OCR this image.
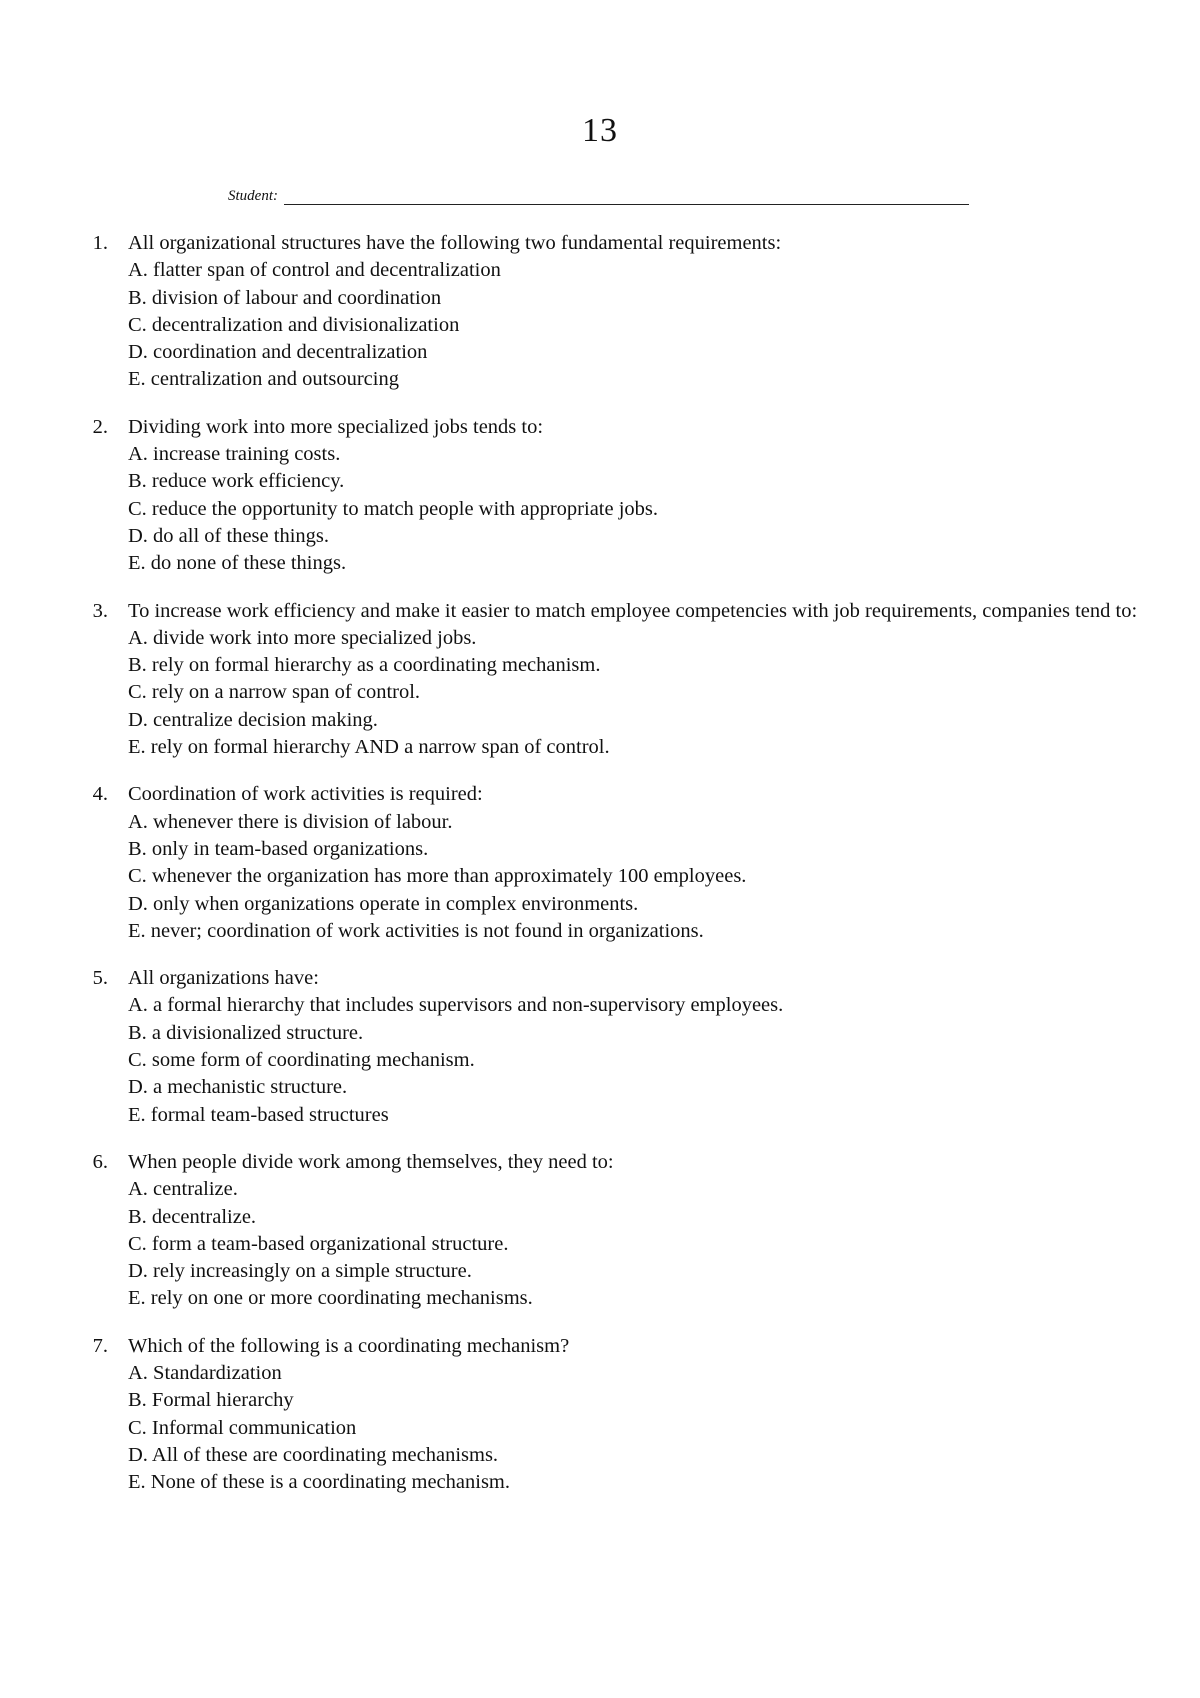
13
Student:
1. All organizational structures have the following two fundamental requirements:

A. flatter span of control and decentralization
B. division of labour and coordination
C. decentralization and divisionalization
D. coordination and decentralization
E. centralization and outsourcing
2. Dividing work into more specialized jobs tends to:

A. increase training costs.
B. reduce work efficiency.
C. reduce the opportunity to match people with appropriate jobs.
D. do all of these things.
E. do none of these things.
3. To increase work efficiency and make it easier to match employee competencies with job requirements, companies tend to:

A. divide work into more specialized jobs.
B. rely on formal hierarchy as a coordinating mechanism.
C. rely on a narrow span of control.
D. centralize decision making.
E. rely on formal hierarchy AND a narrow span of control.
4. Coordination of work activities is required:

A. whenever there is division of labour.
B. only in team-based organizations.
C. whenever the organization has more than approximately 100 employees.
D. only when organizations operate in complex environments.
E. never; coordination of work activities is not found in organizations.
5. All organizations have:

A. a formal hierarchy that includes supervisors and non-supervisory employees.
B. a divisionalized structure.
C. some form of coordinating mechanism.
D. a mechanistic structure.
E. formal team-based structures
6. When people divide work among themselves, they need to:

A. centralize.
B. decentralize.
C. form a team-based organizational structure.
D. rely increasingly on a simple structure.
E. rely on one or more coordinating mechanisms.
7. Which of the following is a coordinating mechanism?

A. Standardization
B. Formal hierarchy
C. Informal communication
D. All of these are coordinating mechanisms.
E. None of these is a coordinating mechanism.
